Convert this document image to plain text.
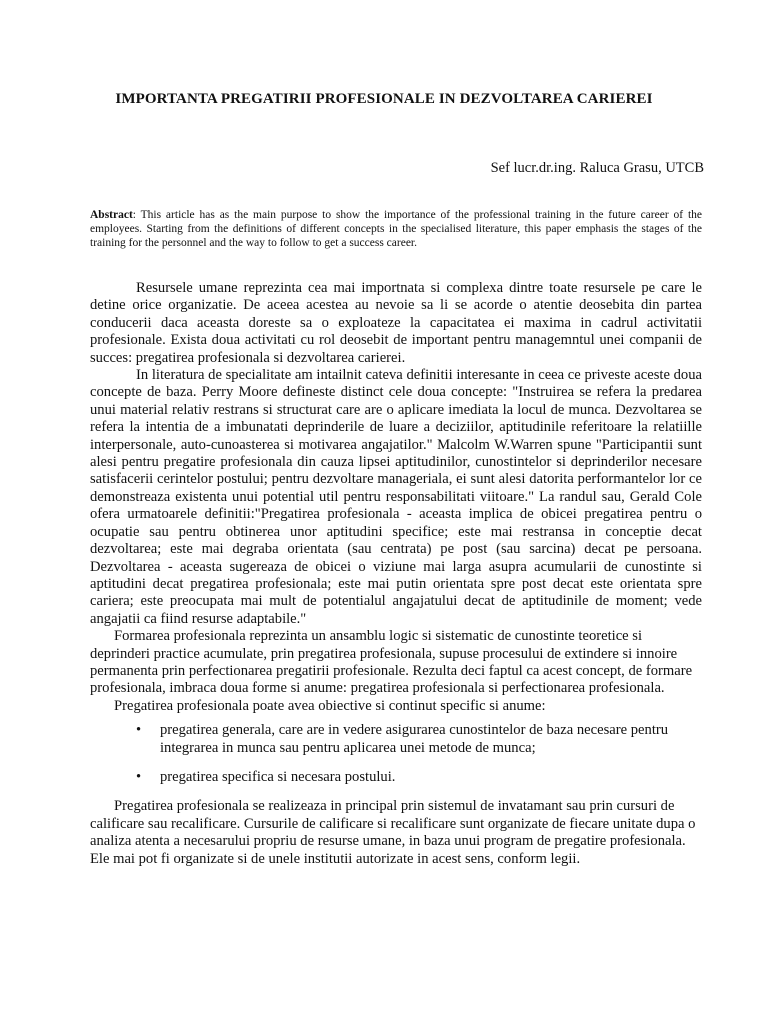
IMPORTANTA PREGATIRII PROFESIONALE IN DEZVOLTAREA CARIEREI
Sef lucr.dr.ing. Raluca Grasu, UTCB
Abstract: This article has as the main purpose to show the importance of the professional training in the future career of the employees. Starting from the definitions of different concepts in the specialised literature, this paper emphasis the stages of the training for the personnel and the way to follow to get a success career.

Resursele umane reprezinta cea mai importnata si complexa dintre toate resursele pe care le detine orice organizatie. De aceea acestea au nevoie sa li se acorde o atentie deosebita din partea conducerii daca aceasta doreste sa o exploateze la capacitatea ei maxima in cadrul activitatii profesionale. Exista doua activitati cu rol deosebit de important pentru managemntul unei companii de succes: pregatirea profesionala si dezvoltarea carierei.

In literatura de specialitate am intailnit cateva definitii interesante in ceea ce priveste aceste doua concepte de baza. Perry Moore defineste distinct cele doua concepte: "Instruirea se refera la predarea unui material relativ restrans si structurat care are o aplicare imediata la locul de munca. Dezvoltarea se refera la intentia de a imbunatati deprinderile de luare a deciziilor, aptitudinile referitoare la relatiille interpersonale, auto-cunoasterea si motivarea angajatilor." Malcolm W.Warren spune "Participantii sunt alesi pentru pregatire profesionala din cauza lipsei aptitudinilor, cunostintelor si deprinderilor necesare satisfacerii cerintelor postului; pentru dezvoltare manageriala, ei sunt alesi datorita performantelor lor ce demonstreaza existenta unui potential util pentru responsabilitati viitoare." La randul sau, Gerald Cole ofera urmatoarele definitii:"Pregatirea profesionala - aceasta implica de obicei pregatirea pentru o ocupatie sau pentru obtinerea unor aptitudini specifice; este mai restransa in conceptie decat dezvoltarea; este mai degraba orientata (sau centrata) pe post (sau sarcina) decat pe persoana. Dezvoltarea - aceasta sugereaza de obicei o viziune mai larga asupra acumularii de cunostinte si aptitudini decat pregatirea profesionala; este mai putin orientata spre post decat este orientata spre cariera; este preocupata mai mult de potentialul angajatului decat de aptitudinile de moment; vede angajatii ca fiind resurse adaptabile."

Formarea profesionala reprezinta un ansamblu logic si sistematic de cunostinte teoretice si deprinderi practice acumulate, prin pregatirea profesionala, supuse procesului de extindere si innoire permanenta prin perfectionarea pregatirii profesionale. Rezulta deci faptul ca acest concept, de formare profesionala, imbraca doua forme si anume: pregatirea profesionala si perfectionarea profesionala.

Pregatirea profesionala poate avea obiective si continut specific si anume:

• pregatirea generala, care are in vedere asigurarea cunostintelor de baza necesare pentru integrarea in munca sau pentru aplicarea unei metode de munca;
• pregatirea specifica si necesara postului.

Pregatirea profesionala se realizeaza in principal prin sistemul de invatamant sau prin cursuri de calificare sau recalificare. Cursurile de calificare si recalificare sunt organizate de fiecare unitate dupa o analiza atenta a necesarului propriu de resurse umane, in baza unui program de pregatire profesionala. Ele mai pot fi organizate si de unele institutii autorizate in acest sens, conform legii.
